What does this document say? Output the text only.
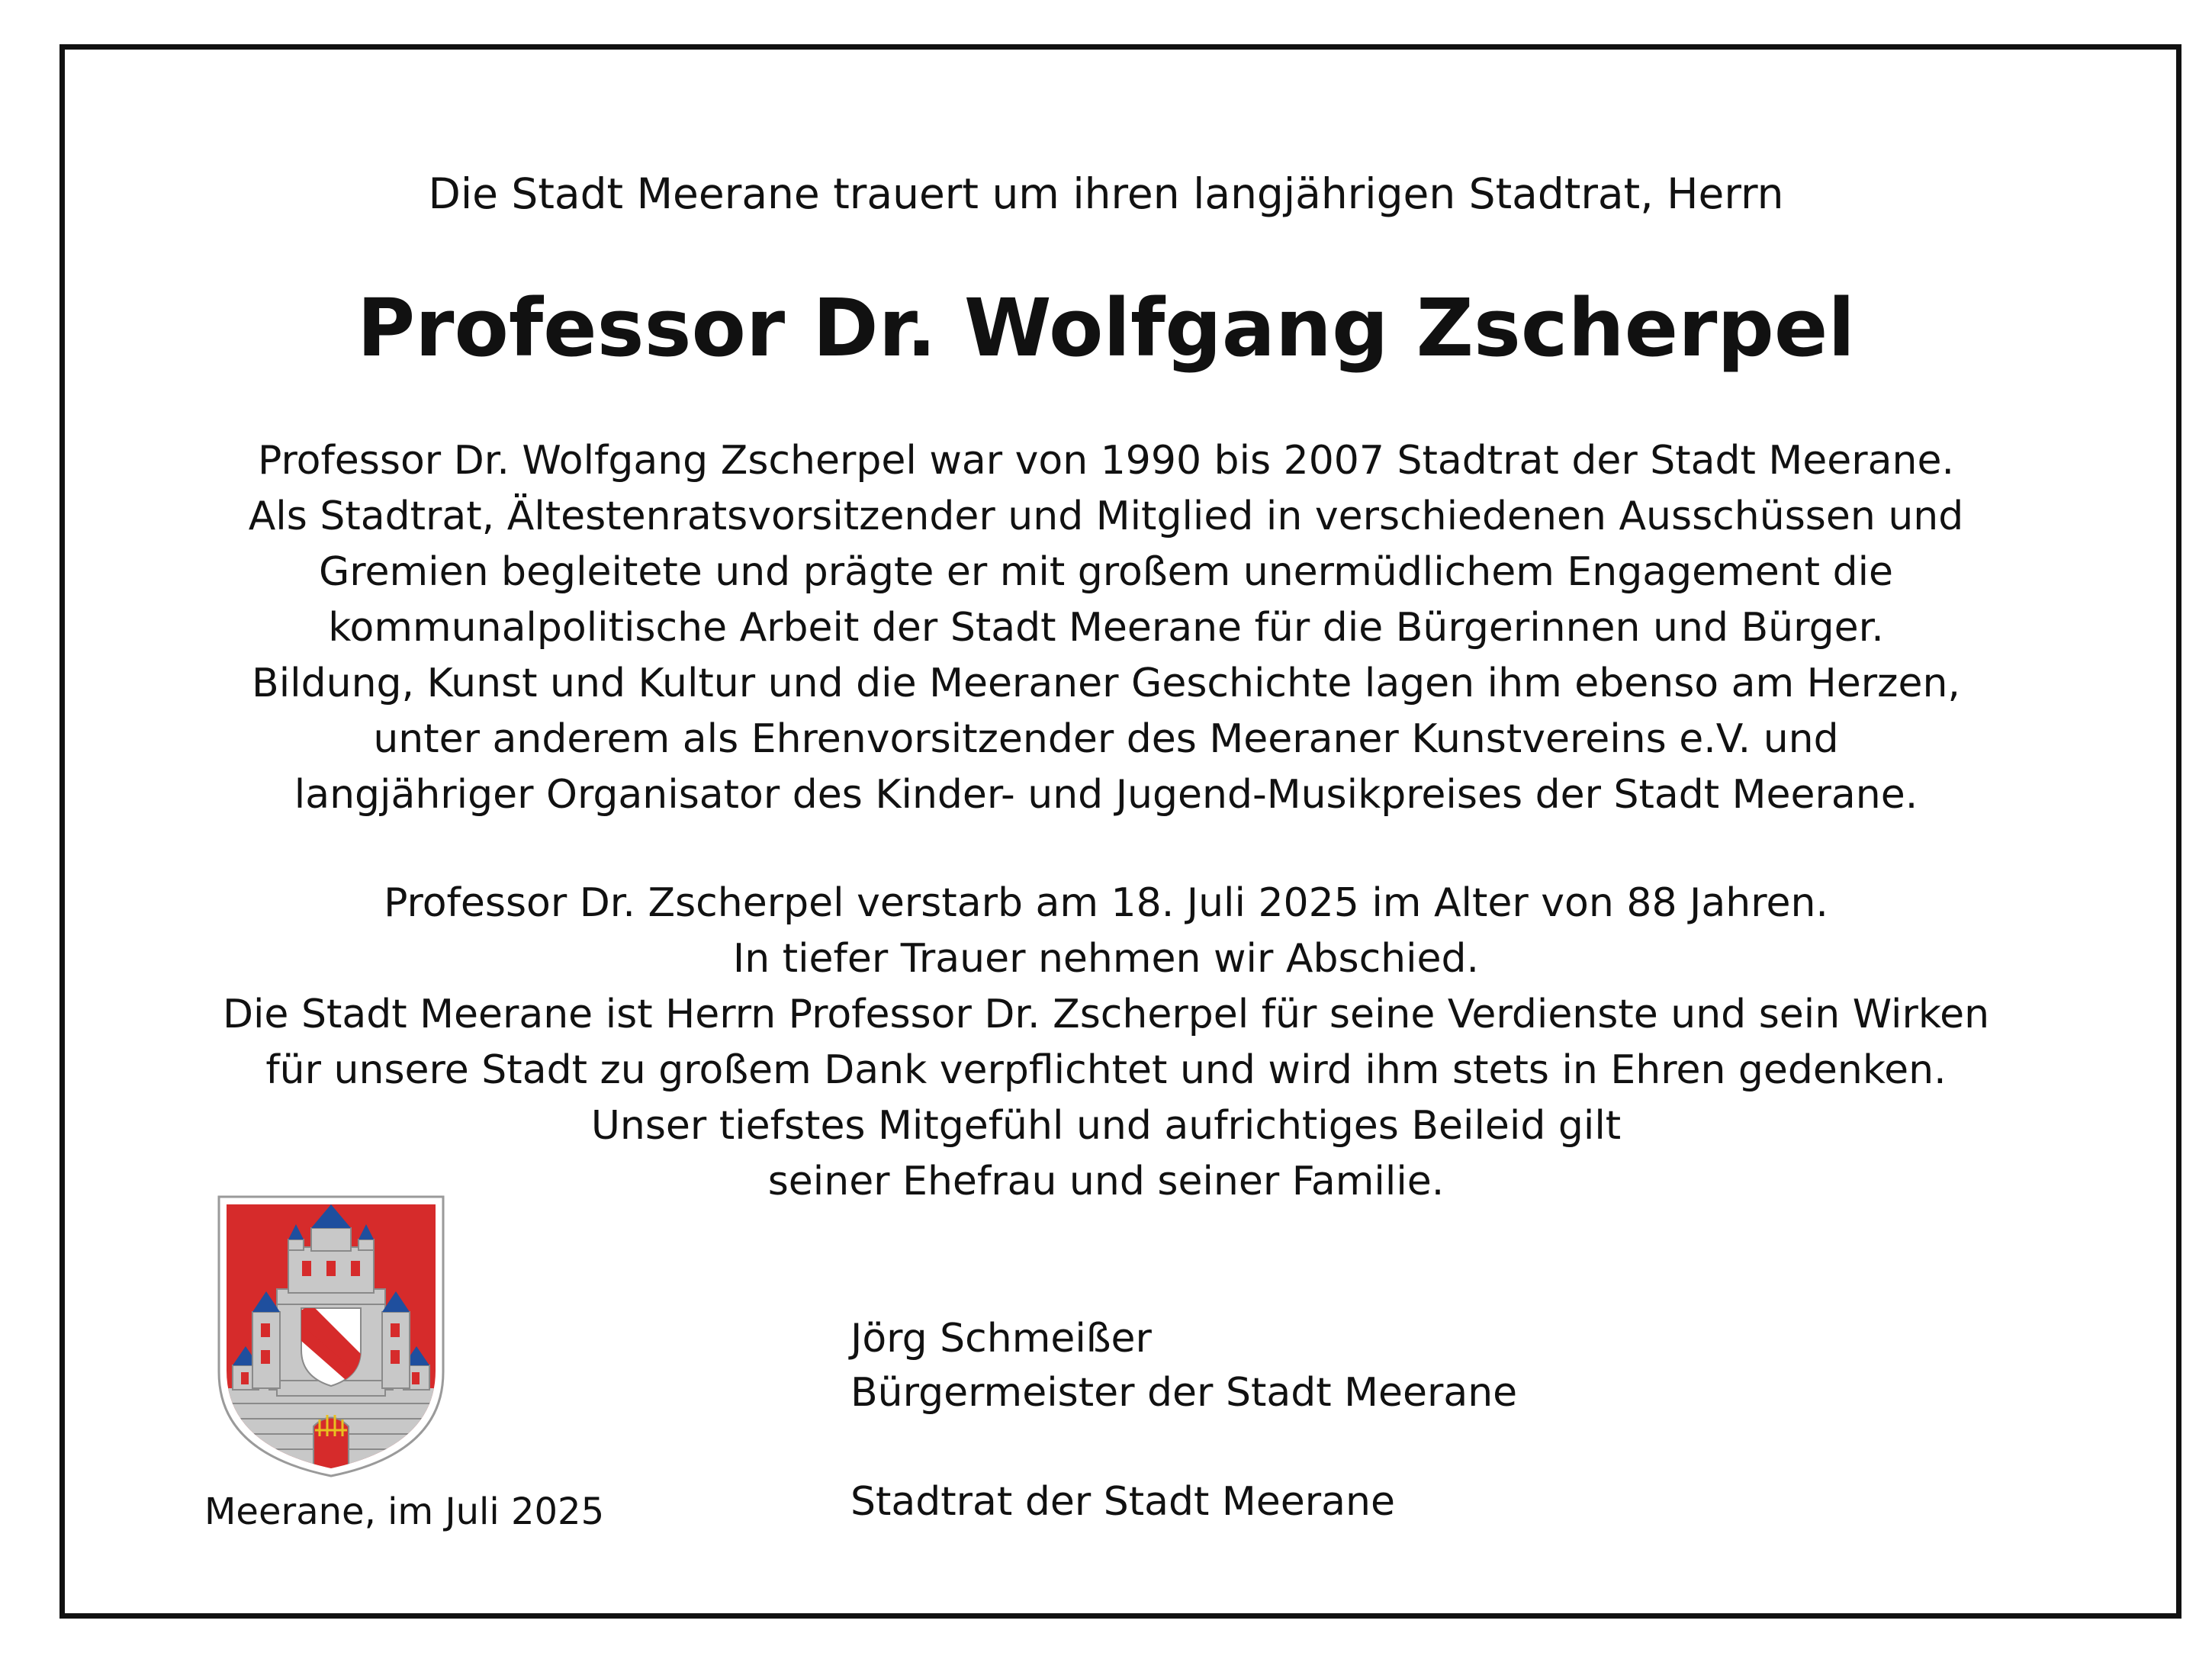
Die Stadt Meerane trauert um ihren langjährigen Stadtrat, Herrn

Professor Dr. Wolfgang Zscherpel
Professor Dr. Wolfgang Zscherpel war von 1990 bis 2007 Stadtrat der Stadt Meerane.
Als Stadtrat, Ältestenratsvorsitzender und Mitglied in verschiedenen Ausschüssen und
Gremien begleitete und prägte er mit großem unermüdlichem Engagement die
kommunalpolitische Arbeit der Stadt Meerane für die Bürgerinnen und Bürger.
Bildung, Kunst und Kultur und die Meeraner Geschichte lagen ihm ebenso am Herzen,
unter anderem als Ehrenvorsitzender des Meeraner Kunstvereins e.V. und
langjähriger Organisator des Kinder- und Jugend-Musikpreises der Stadt Meerane.
Professor Dr. Zscherpel verstarb am 18. Juli 2025 im Alter von 88 Jahren.
In tiefer Trauer nehmen wir Abschied.
Die Stadt Meerane ist Herrn Professor Dr. Zscherpel für seine Verdienste und sein Wirken
für unsere Stadt zu großem Dank verpflichtet und wird ihm stets in Ehren gedenken.
Unser tiefstes Mitgefühl und aufrichtiges Beileid gilt
seiner Ehefrau und seiner Familie.

Meerane, im Juli 2025

Jörg Schmeißer
Bürgermeister der Stadt Meerane
Stadtrat der Stadt Meerane
